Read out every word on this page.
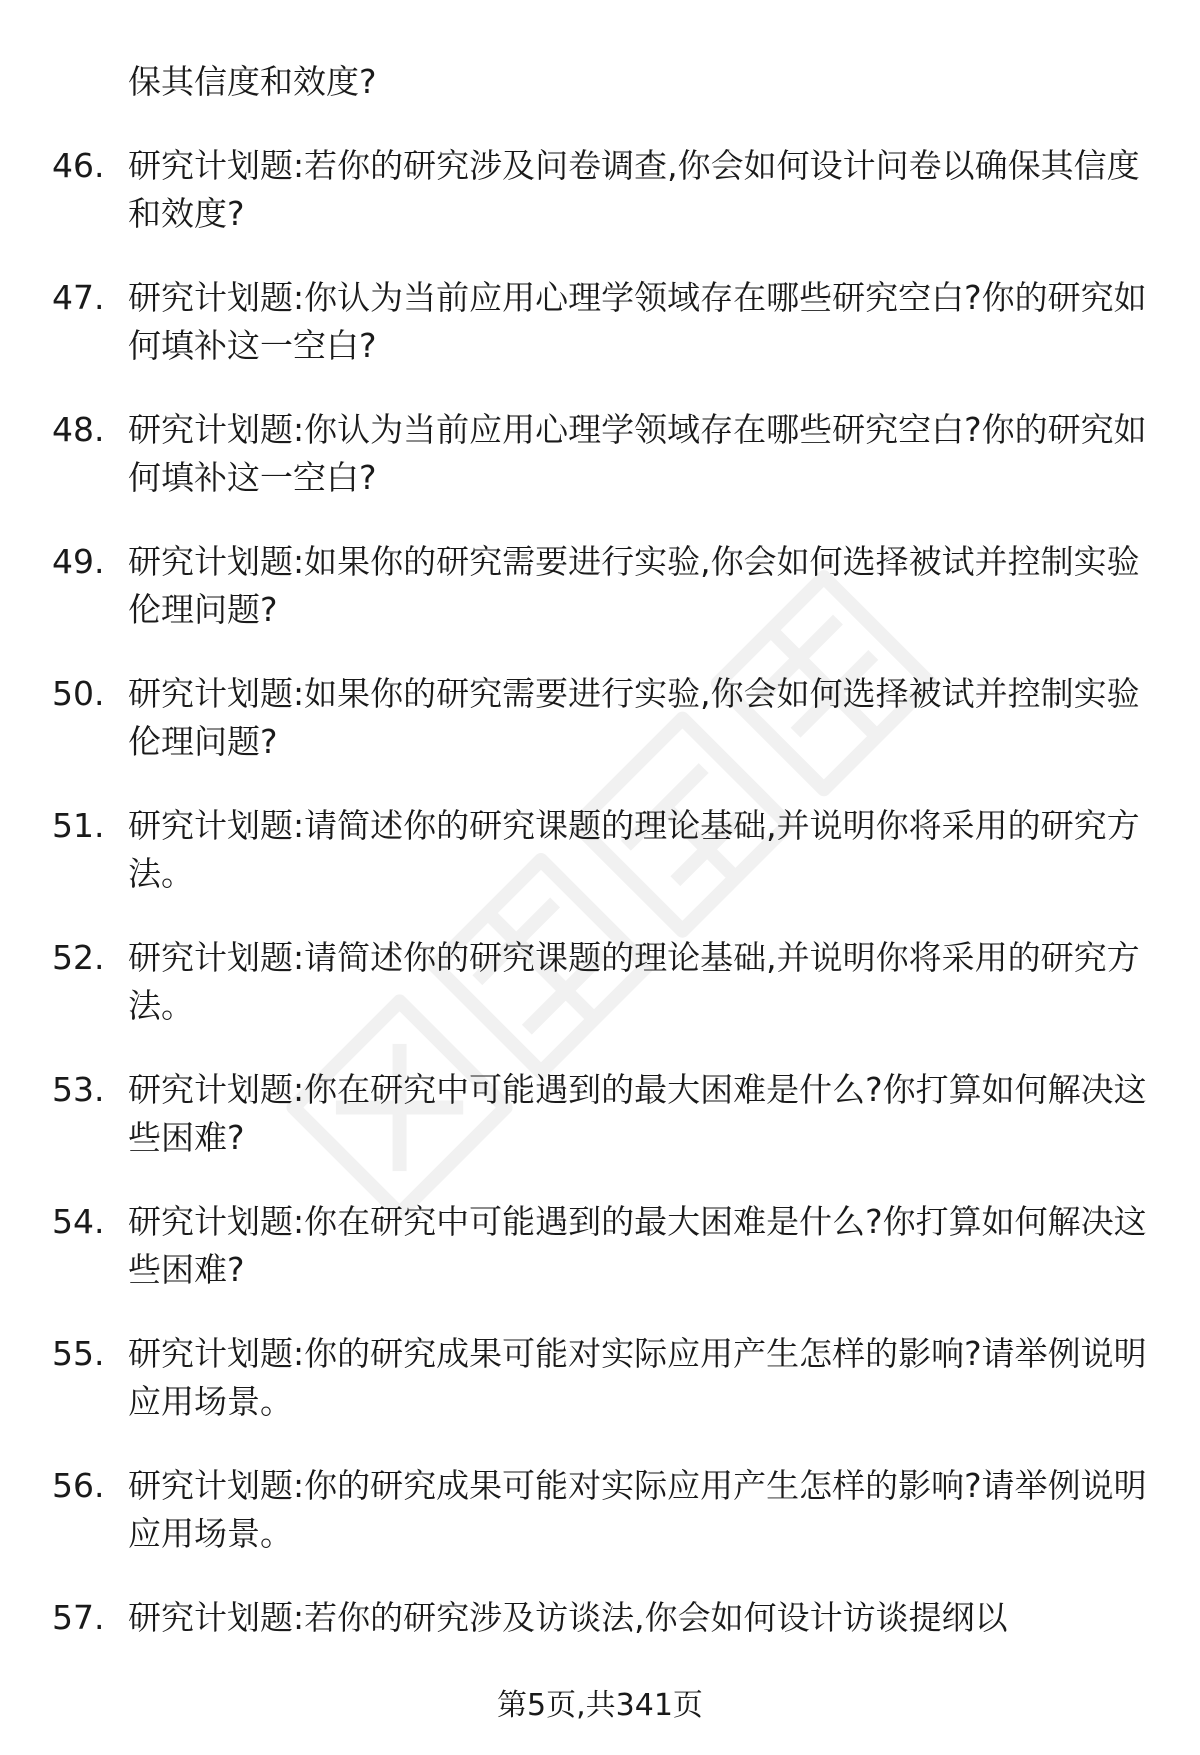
保其信度和效度?
46. 研究计划题:若你的研究涉及问卷调查,你会如何设计问卷以确保其信度和效度?
47. 研究计划题:你认为当前应用心理学领域存在哪些研究空白?你的研究如何填补这一空白?
48. 研究计划题:你认为当前应用心理学领域存在哪些研究空白?你的研究如何填补这一空白?
49. 研究计划题:如果你的研究需要进行实验,你会如何选择被试并控制实验伦理问题?
50. 研究计划题:如果你的研究需要进行实验,你会如何选择被试并控制实验伦理问题?
51. 研究计划题:请简述你的研究课题的理论基础,并说明你将采用的研究方法。
52. 研究计划题:请简述你的研究课题的理论基础,并说明你将采用的研究方法。
53. 研究计划题:你在研究中可能遇到的最大困难是什么?你打算如何解决这些困难?
54. 研究计划题:你在研究中可能遇到的最大困难是什么?你打算如何解决这些困难?
55. 研究计划题:你的研究成果可能对实际应用产生怎样的影响?请举例说明应用场景。
56. 研究计划题:你的研究成果可能对实际应用产生怎样的影响?请举例说明应用场景。
57. 研究计划题:若你的研究涉及访谈法,你会如何设计访谈提纲以
第5页,共341页
